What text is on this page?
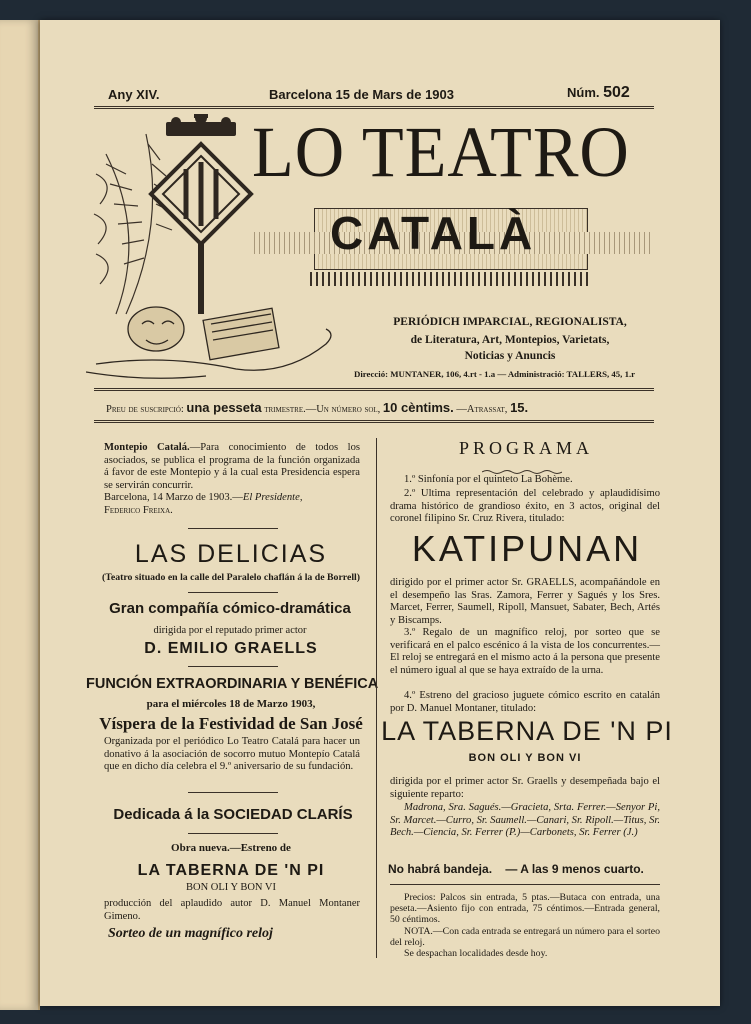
Any XIV.	Barcelona 15 de Mars de 1903	Núm. 502
LO TEATRO
CATALÀ
PERIÓDICH IMPARCIAL, REGIONALISTA,
de Literatura, Art, Montepios, Varietats,
Noticias y Anuncis
Direcció: MUNTANER, 106, 4.rt - 1.a — Administració: TALLERS, 45, 1.r
Preu de suscripció: una pesseta trimestre.—Un número sol, 10 cèntims. —Atrassat, 15.
Montepio Catalá.—Para conocimiento de todos los asociados, se publica el programa de la función organizada á favor de este Montepio y á la cual esta Presidencia espera se servirán concurrir.
Barcelona, 14 Marzo de 1903.—El Presidente,
Federico Freixa.
LAS DELICIAS
(Teatro situado en la calle del Paralelo chaflán á la de Borrell)
Gran compañía cómico-dramática
dirigida por el reputado primer actor
D. EMILIO GRAELLS
FUNCIÓN EXTRAORDINARIA Y BENÉFICA
para el miércoles 18 de Marzo 1903,
Víspera de la Festividad de San José
Organizada por el periódico Lo Teatro Catalá para hacer un donativo á la asociación de socorro mutuo Montepío Catalá que en dicho día celebra el 9.º aniversario de su fundación.
Dedicada á la SOCIEDAD CLARÍS
Obra nueva.—Estreno de
LA TABERNA DE 'N PI
BON OLI Y BON VI
producción del aplaudido autor D. Manuel Montaner Gimeno.
Sorteo de un magnífico reloj
PROGRAMA
1.º Sinfonía por el quinteto La Bohème.
2.º Ultima representación del celebrado y aplaudidísimo drama histórico de grandioso éxito, en 3 actos, original del coronel filipino Sr. Cruz Rivera, titulado:
KATIPUNAN
dirigido por el primer actor Sr. GRAELLS, acompañándole en el desempeño las Sras. Zamora, Ferrer y Sagués y los Sres. Marcet, Ferrer, Saumell, Ripoll, Mansuet, Sabater, Bech, Artés y Biscamps.
3.º Regalo de un magnífico reloj, por sorteo que se verificará en el palco escénico á la vista de los concurrentes.—El reloj se entregará en el mismo acto á la persona que presente el número igual al que se haya extraído de la urna.
4.º Estreno del gracioso juguete cómico escrito en catalán por D. Manuel Montaner, titulado:
LA TABERNA DE 'N PI
BON OLI Y BON VI
dirigida por el primer actor Sr. Graells y desempeñada bajo el siguiente reparto:
Madrona, Sra. Sagués.—Gracieta, Srta. Ferrer.—Senyor Pi, Sr. Marcet.—Curro, Sr. Saumell.—Canari, Sr. Ripoll.—Titus, Sr. Bech.—Ciencia, Sr. Ferrer (P.)—Carbonets, Sr. Ferrer (J.)
No habrá bandeja. — A las 9 menos cuarto.
Precios: Palcos sin entrada, 5 ptas.—Butaca con entrada, una peseta.—Asiento fijo con entrada, 75 céntimos.—Entrada general, 50 céntimos.
NOTA.—Con cada entrada se entregará un número para el sorteo del reloj.
Se despachan localidades desde hoy.
